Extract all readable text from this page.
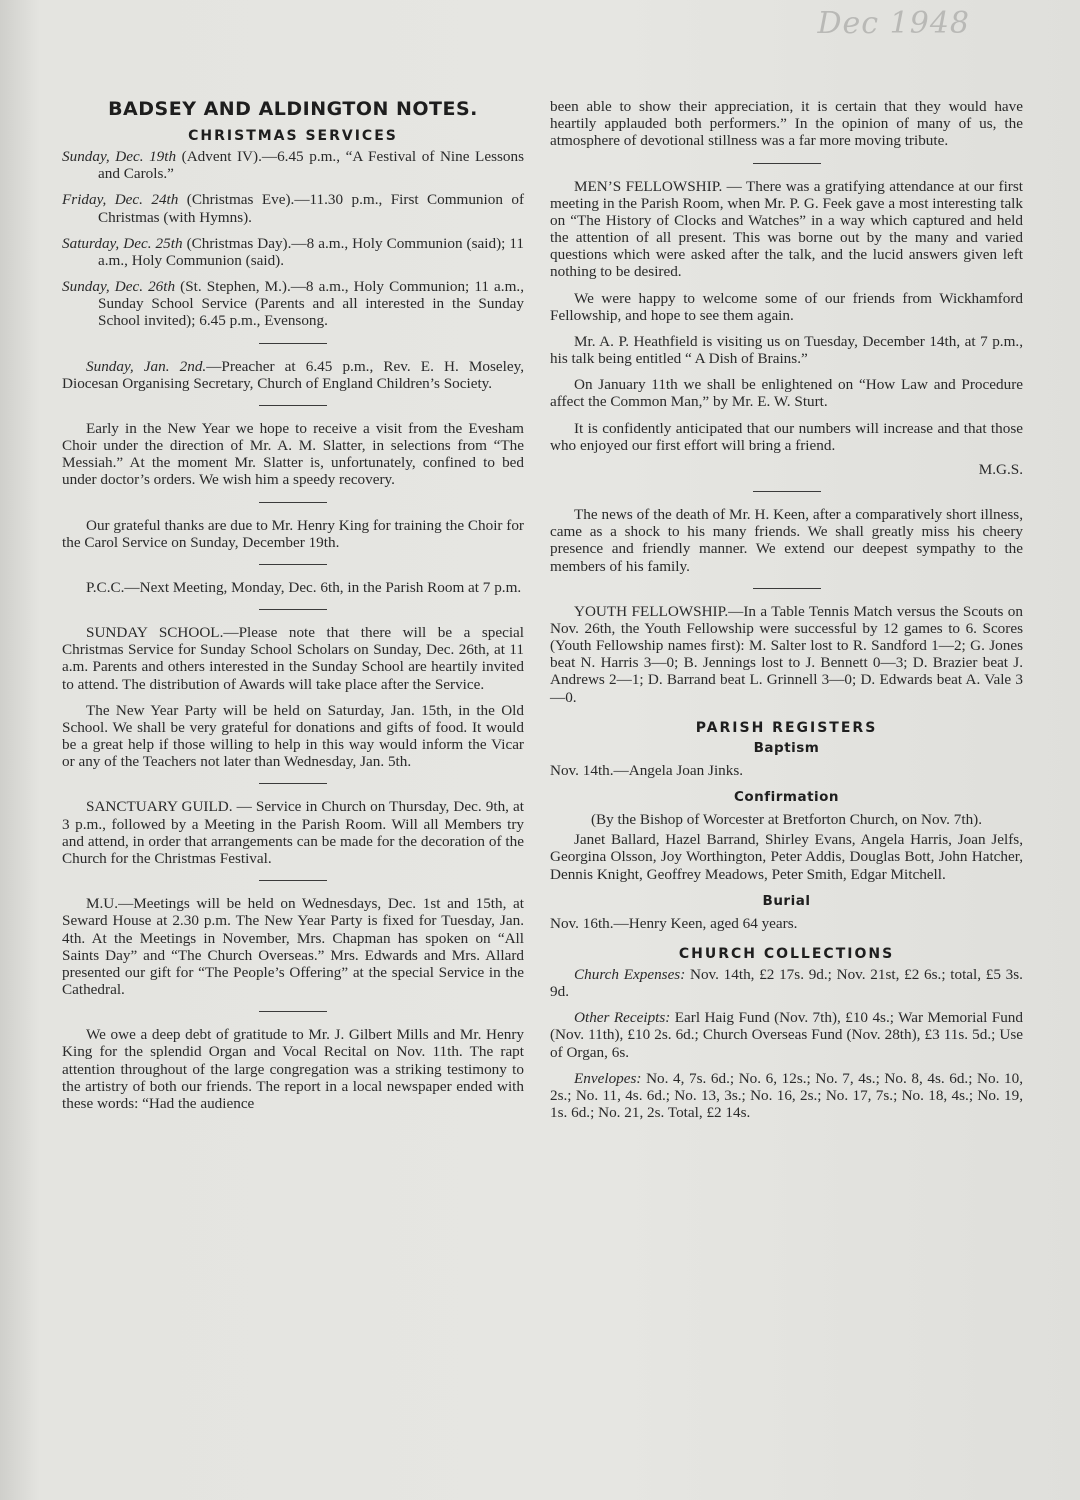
Dec 1948
BADSEY AND ALDINGTON NOTES.
CHRISTMAS SERVICES

Sunday, Dec. 19th (Advent IV).—6.45 p.m., “A Festival of Nine Lessons and Carols.”

Friday, Dec. 24th (Christmas Eve).—11.30 p.m., First Communion of Christmas (with Hymns).

Saturday, Dec. 25th (Christmas Day).—8 a.m., Holy Communion (said); 11 a.m., Holy Communion (said).

Sunday, Dec. 26th (St. Stephen, M.).—8 a.m., Holy Communion; 11 a.m., Sunday School Service (Parents and all interested in the Sunday School invited); 6.45 p.m., Evensong.

Sunday, Jan. 2nd.—Preacher at 6.45 p.m., Rev. E. H. Moseley, Diocesan Organising Secretary, Church of England Children’s Society.

Early in the New Year we hope to receive a visit from the Evesham Choir under the direction of Mr. A. M. Slatter, in selections from “The Messiah.” At the moment Mr. Slatter is, unfortunately, confined to bed under doctor’s orders. We wish him a speedy recovery.

Our grateful thanks are due to Mr. Henry King for training the Choir for the Carol Service on Sunday, December 19th.

P.C.C.—Next Meeting, Monday, Dec. 6th, in the Parish Room at 7 p.m.

SUNDAY SCHOOL.—Please note that there will be a special Christmas Service for Sunday School Scholars on Sunday, Dec. 26th, at 11 a.m. Parents and others interested in the Sunday School are heartily invited to attend. The distribution of Awards will take place after the Service.

The New Year Party will be held on Saturday, Jan. 15th, in the Old School. We shall be very grateful for donations and gifts of food. It would be a great help if those willing to help in this way would inform the Vicar or any of the Teachers not later than Wednesday, Jan. 5th.

SANCTUARY GUILD. — Service in Church on Thursday, Dec. 9th, at 3 p.m., followed by a Meeting in the Parish Room. Will all Members try and attend, in order that arrangements can be made for the decoration of the Church for the Christmas Festival.

M.U.—Meetings will be held on Wednesdays, Dec. 1st and 15th, at Seward House at 2.30 p.m. The New Year Party is fixed for Tuesday, Jan. 4th. At the Meetings in November, Mrs. Chapman has spoken on “All Saints Day” and “The Church Overseas.” Mrs. Edwards and Mrs. Allard presented our gift for “The People’s Offering” at the special Service in the Cathedral.

We owe a deep debt of gratitude to Mr. J. Gilbert Mills and Mr. Henry King for the splendid Organ and Vocal Recital on Nov. 11th. The rapt attention throughout of the large congregation was a striking testimony to the artistry of both our friends. The report in a local newspaper ended with these words: “Had the audience

been able to show their appreciation, it is certain that they would have heartily applauded both performers.” In the opinion of many of us, the atmosphere of devotional stillness was a far more moving tribute.

MEN’S FELLOWSHIP. — There was a gratifying attendance at our first meeting in the Parish Room, when Mr. P. G. Feek gave a most interesting talk on “The History of Clocks and Watches” in a way which captured and held the attention of all present. This was borne out by the many and varied questions which were asked after the talk, and the lucid answers given left nothing to be desired.

We were happy to welcome some of our friends from Wickhamford Fellowship, and hope to see them again.

Mr. A. P. Heathfield is visiting us on Tuesday, December 14th, at 7 p.m., his talk being entitled “ A Dish of Brains.”

On January 11th we shall be enlightened on “How Law and Procedure affect the Common Man,” by Mr. E. W. Sturt.

It is confidently anticipated that our numbers will increase and that those who enjoyed our first effort will bring a friend.

M.G.S.

The news of the death of Mr. H. Keen, after a comparatively short illness, came as a shock to his many friends. We shall greatly miss his cheery presence and friendly manner. We extend our deepest sympathy to the members of his family.

YOUTH FELLOWSHIP.—In a Table Tennis Match versus the Scouts on Nov. 26th, the Youth Fellowship were successful by 12 games to 6. Scores (Youth Fellowship names first): M. Salter lost to R. Sandford 1—2; G. Jones beat N. Harris 3—0; B. Jennings lost to J. Bennett 0—3; D. Brazier beat J. Andrews 2—1; D. Barrand beat L. Grinnell 3—0; D. Edwards beat A. Vale 3—0.

PARISH REGISTERS
Baptism

Nov. 14th.—Angela Joan Jinks.

Confirmation

(By the Bishop of Worcester at Bretforton Church, on Nov. 7th).

Janet Ballard, Hazel Barrand, Shirley Evans, Angela Harris, Joan Jelfs, Georgina Olsson, Joy Worthington, Peter Addis, Douglas Bott, John Hatcher, Dennis Knight, Geoffrey Meadows, Peter Smith, Edgar Mitchell.

Burial

Nov. 16th.—Henry Keen, aged 64 years.

CHURCH COLLECTIONS

Church Expenses: Nov. 14th, £2 17s. 9d.; Nov. 21st, £2 6s.; total, £5 3s. 9d.

Other Receipts: Earl Haig Fund (Nov. 7th), £10 4s.; War Memorial Fund (Nov. 11th), £10 2s. 6d.; Church Overseas Fund (Nov. 28th), £3 11s. 5d.; Use of Organ, 6s.

Envelopes: No. 4, 7s. 6d.; No. 6, 12s.; No. 7, 4s.; No. 8, 4s. 6d.; No. 10, 2s.; No. 11, 4s. 6d.; No. 13, 3s.; No. 16, 2s.; No. 17, 7s.; No. 18, 4s.; No. 19, 1s. 6d.; No. 21, 2s. Total, £2 14s.
